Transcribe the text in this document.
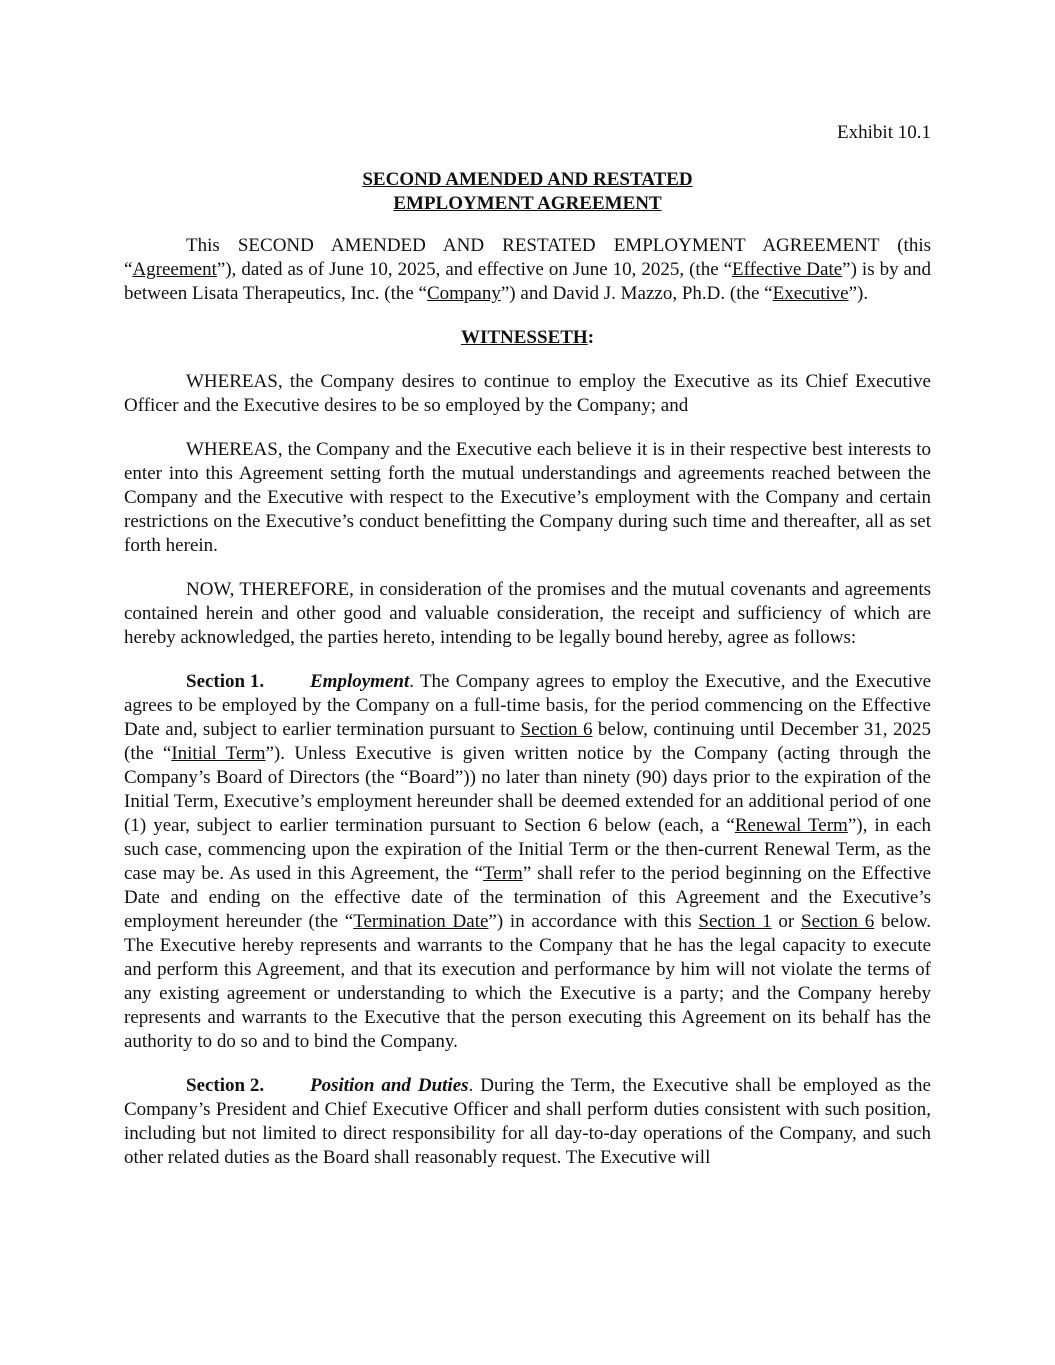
Exhibit 10.1
SECOND AMENDED AND RESTATED
EMPLOYMENT AGREEMENT

This SECOND AMENDED AND RESTATED EMPLOYMENT AGREEMENT (this “Agreement”), dated as of June 10, 2025, and effective on June 10, 2025, (the “Effective Date”) is by and between Lisata Therapeutics, Inc. (the “Company”) and David J. Mazzo, Ph.D. (the “Executive”).

WITNESSETH:

WHEREAS, the Company desires to continue to employ the Executive as its Chief Executive Officer and the Executive desires to be so employed by the Company; and

WHEREAS, the Company and the Executive each believe it is in their respective best interests to enter into this Agreement setting forth the mutual understandings and agreements reached between the Company and the Executive with respect to the Executive’s employment with the Company and certain restrictions on the Executive’s conduct benefitting the Company during such time and thereafter, all as set forth herein.

NOW, THEREFORE, in consideration of the promises and the mutual covenants and agreements contained herein and other good and valuable consideration, the receipt and sufficiency of which are hereby acknowledged, the parties hereto, intending to be legally bound hereby, agree as follows:

Section 1. Employment. The Company agrees to employ the Executive, and the Executive agrees to be employed by the Company on a full-time basis, for the period commencing on the Effective Date and, subject to earlier termination pursuant to Section 6 below, continuing until December 31, 2025 (the “Initial Term”). Unless Executive is given written notice by the Company (acting through the Company’s Board of Directors (the “Board”)) no later than ninety (90) days prior to the expiration of the Initial Term, Executive’s employment hereunder shall be deemed extended for an additional period of one (1) year, subject to earlier termination pursuant to Section 6 below (each, a “Renewal Term”), in each such case, commencing upon the expiration of the Initial Term or the then-current Renewal Term, as the case may be. As used in this Agreement, the “Term” shall refer to the period beginning on the Effective Date and ending on the effective date of the termination of this Agreement and the Executive’s employment hereunder (the “Termination Date”) in accordance with this Section 1 or Section 6 below. The Executive hereby represents and warrants to the Company that he has the legal capacity to execute and perform this Agreement, and that its execution and performance by him will not violate the terms of any existing agreement or understanding to which the Executive is a party; and the Company hereby represents and warrants to the Executive that the person executing this Agreement on its behalf has the authority to do so and to bind the Company.

Section 2. Position and Duties. During the Term, the Executive shall be employed as the Company’s President and Chief Executive Officer and shall perform duties consistent with such position, including but not limited to direct responsibility for all day-to-day operations of the Company, and such other related duties as the Board shall reasonably request. The Executive will
